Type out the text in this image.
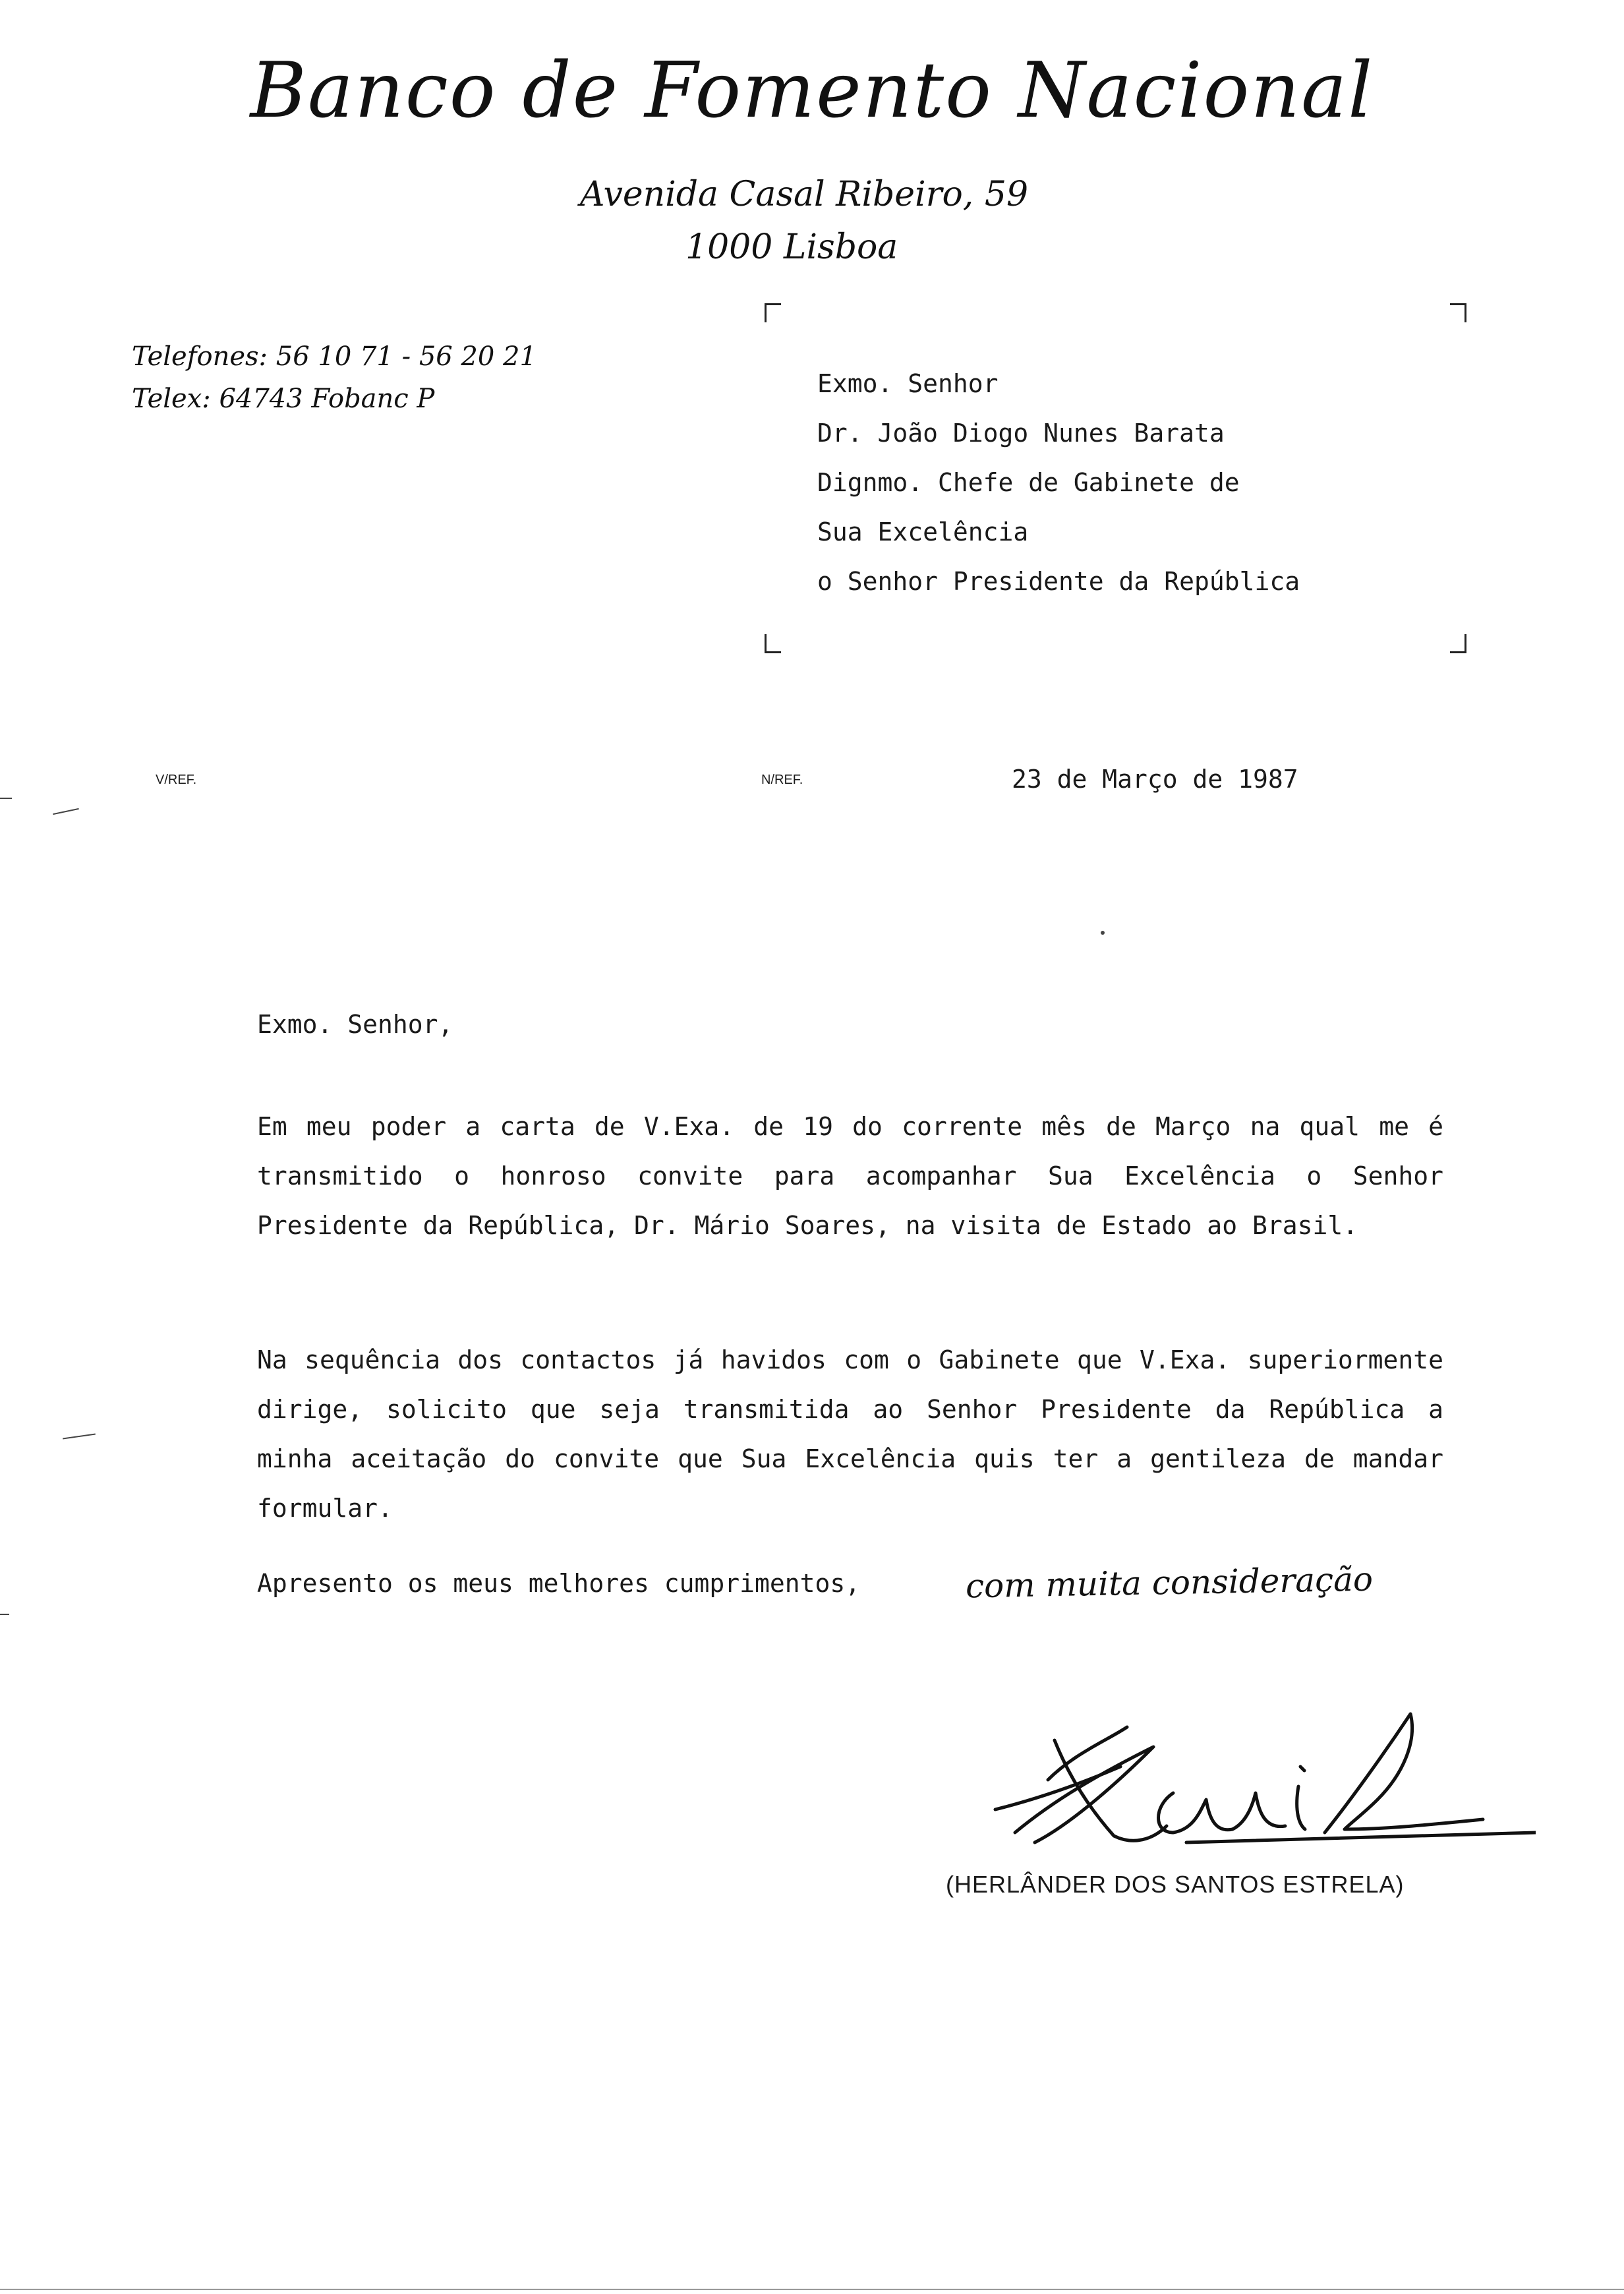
Banco de Fomento Nacional
Avenida Casal Ribeiro, 59
1000 Lisboa
Telefones: 56 10 71 - 56 20 21
Telex: 64743 Fobanc P	Exmo. Senhor
Dr. João Diogo Nunes Barata
Dignmo. Chefe de Gabinete de
Sua Excelência
o Senhor Presidente da República
V/REF.	N/REF.	23 de Março de 1987
Exmo. Senhor,
Em meu poder a carta de V.Exa. de 19 do corrente mês de Março na qual me é transmitido o honroso convite para acompanhar Sua Excelência o Senhor Presidente da República, Dr. Mário Soares, na visita de Estado ao Brasil.
Na sequência dos contactos já havidos com o Gabinete que V.Exa. superiormente dirige, solicito que seja transmitida ao Senhor Presidente da República a minha aceitação do convite que Sua Excelência quis ter a gentileza de mandar formular.
Apresento os meus melhores cumprimentos,	com muita consideração
(HERLÂNDER DOS SANTOS ESTRELA)
